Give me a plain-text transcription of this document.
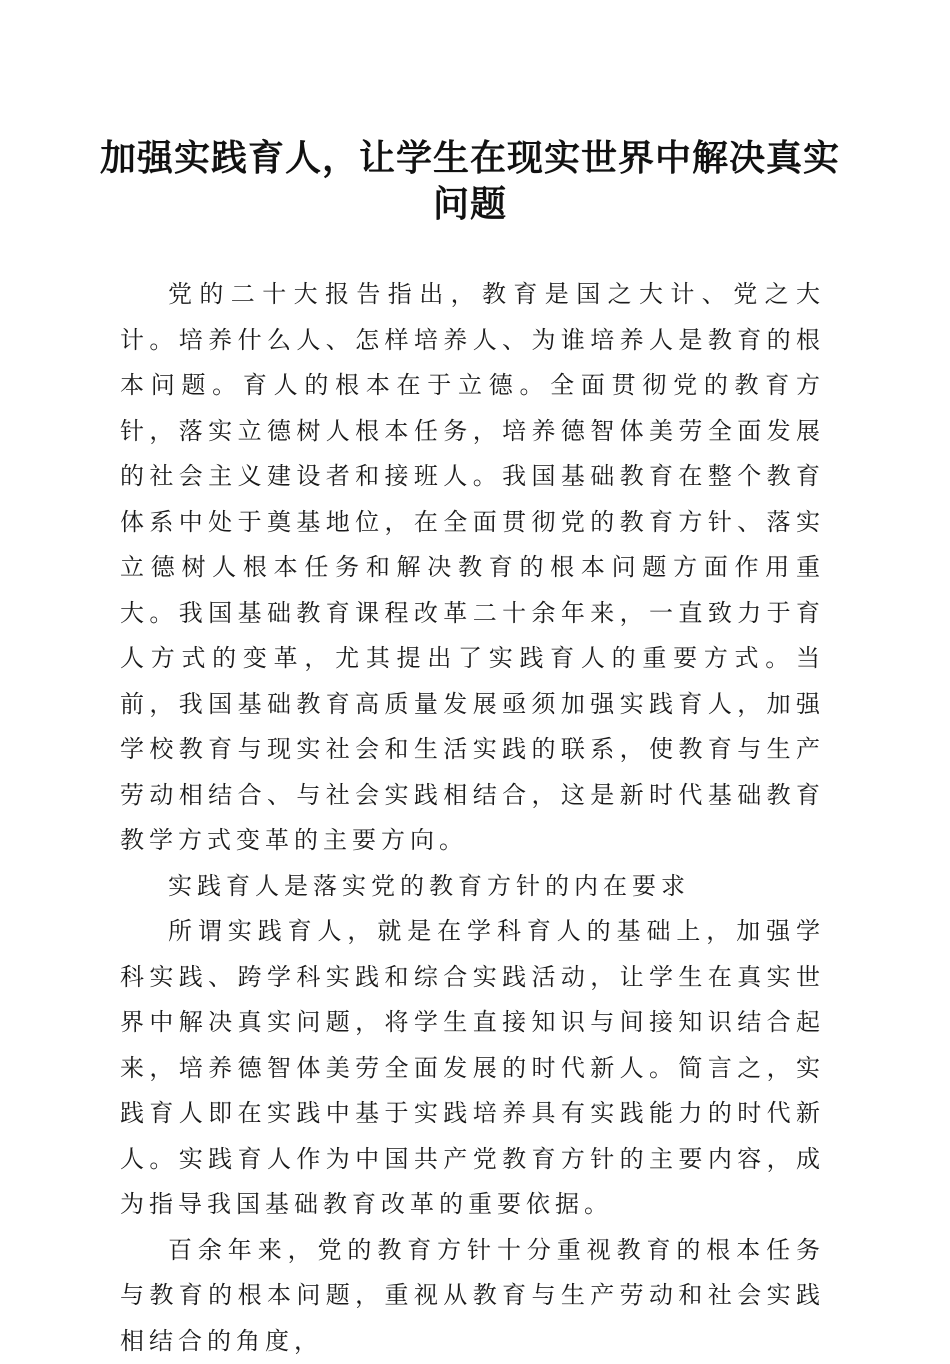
加强实践育人，让学生在现实世界中解决真实问题

党的二十大报告指出，教育是国之大计、党之大计。培养什么人、怎样培养人、为谁培养人是教育的根本问题。育人的根本在于立德。全面贯彻党的教育方针，落实立德树人根本任务，培养德智体美劳全面发展的社会主义建设者和接班人。我国基础教育在整个教育体系中处于奠基地位，在全面贯彻党的教育方针、落实立德树人根本任务和解决教育的根本问题方面作用重大。我国基础教育课程改革二十余年来，一直致力于育人方式的变革，尤其提出了实践育人的重要方式。当前，我国基础教育高质量发展亟须加强实践育人，加强学校教育与现实社会和生活实践的联系，使教育与生产劳动相结合、与社会实践相结合，这是新时代基础教育教学方式变革的主要方向。

实践育人是落实党的教育方针的内在要求

所谓实践育人，就是在学科育人的基础上，加强学科实践、跨学科实践和综合实践活动，让学生在真实世界中解决真实问题，将学生直接知识与间接知识结合起来，培养德智体美劳全面发展的时代新人。简言之，实践育人即在实践中基于实践培养具有实践能力的时代新人。实践育人作为中国共产党教育方针的主要内容，成为指导我国基础教育改革的重要依据。

百余年来，党的教育方针十分重视教育的根本任务与教育的根本问题，重视从教育与生产劳动和社会实践相结合的角度，
